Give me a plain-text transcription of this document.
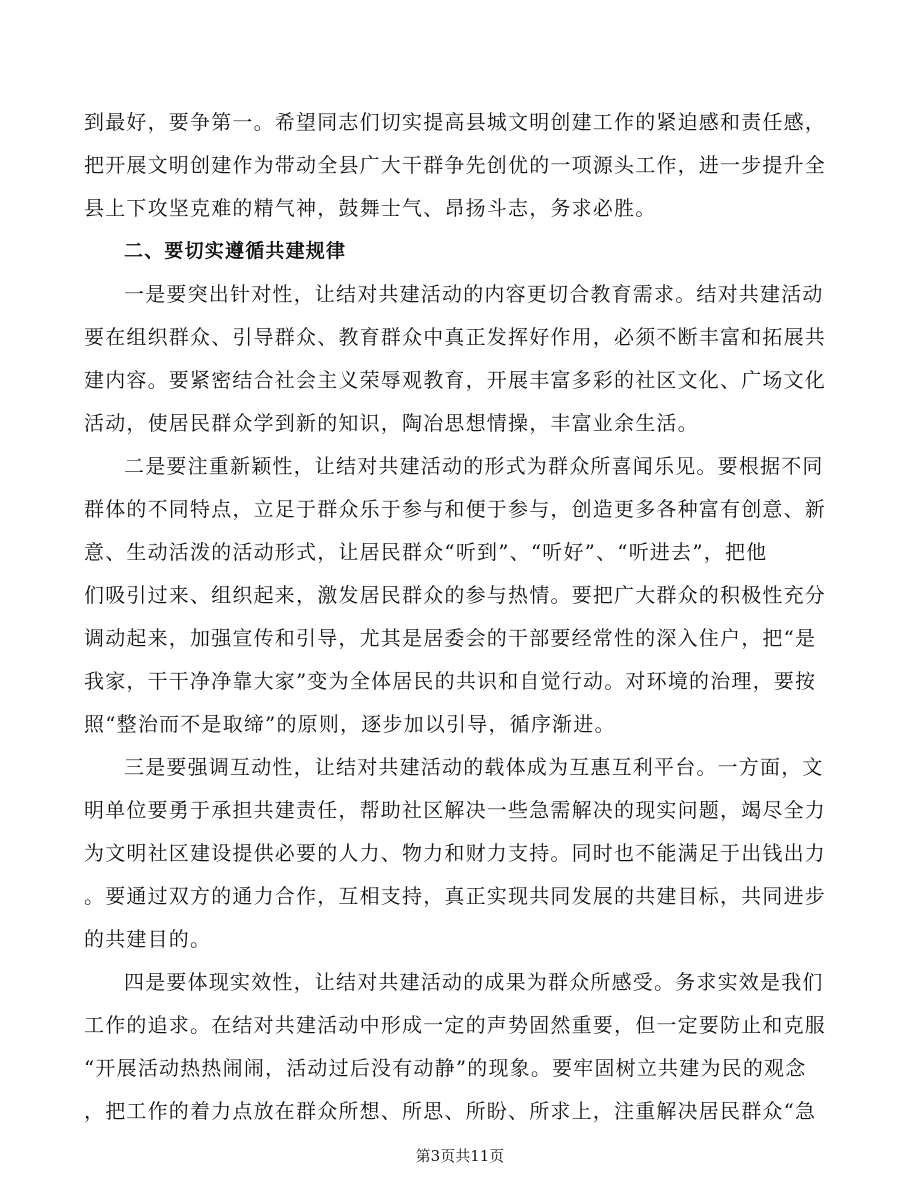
到最好，要争第一。希望同志们切实提高县城文明创建工作的紧迫感和责任感，
把开展文明创建作为带动全县广大干群争先创优的一项源头工作，进一步提升全
县上下攻坚克难的精气神，鼓舞士气、昂扬斗志，务求必胜。
二、要切实遵循共建规律
一是要突出针对性，让结对共建活动的内容更切合教育需求。结对共建活动
要在组织群众、引导群众、教育群众中真正发挥好作用，必须不断丰富和拓展共
建内容。要紧密结合社会主义荣辱观教育，开展丰富多彩的社区文化、广场文化
活动，使居民群众学到新的知识，陶冶思想情操，丰富业余生活。
二是要注重新颖性，让结对共建活动的形式为群众所喜闻乐见。要根据不同
群体的不同特点，立足于群众乐于参与和便于参与，创造更多各种富有创意、新
意、生动活泼的活动形式，让居民群众“听到”、“听好”、“听进去”，把他
们吸引过来、组织起来，激发居民群众的参与热情。要把广大群众的积极性充分
调动起来，加强宣传和引导，尤其是居委会的干部要经常性的深入住户，把“是
我家，干干净净靠大家”变为全体居民的共识和自觉行动。对环境的治理，要按
照“整治而不是取缔”的原则，逐步加以引导，循序渐进。
三是要强调互动性，让结对共建活动的载体成为互惠互利平台。一方面，文
明单位要勇于承担共建责任，帮助社区解决一些急需解决的现实问题，竭尽全力
为文明社区建设提供必要的人力、物力和财力支持。同时也不能满足于出钱出力
。要通过双方的通力合作，互相支持，真正实现共同发展的共建目标，共同进步
的共建目的。
四是要体现实效性，让结对共建活动的成果为群众所感受。务求实效是我们
工作的追求。在结对共建活动中形成一定的声势固然重要，但一定要防止和克服
“开展活动热热闹闹，活动过后没有动静”的现象。要牢固树立共建为民的观念
，把工作的着力点放在群众所想、所思、所盼、所求上，注重解决居民群众“急
第3页共11页
